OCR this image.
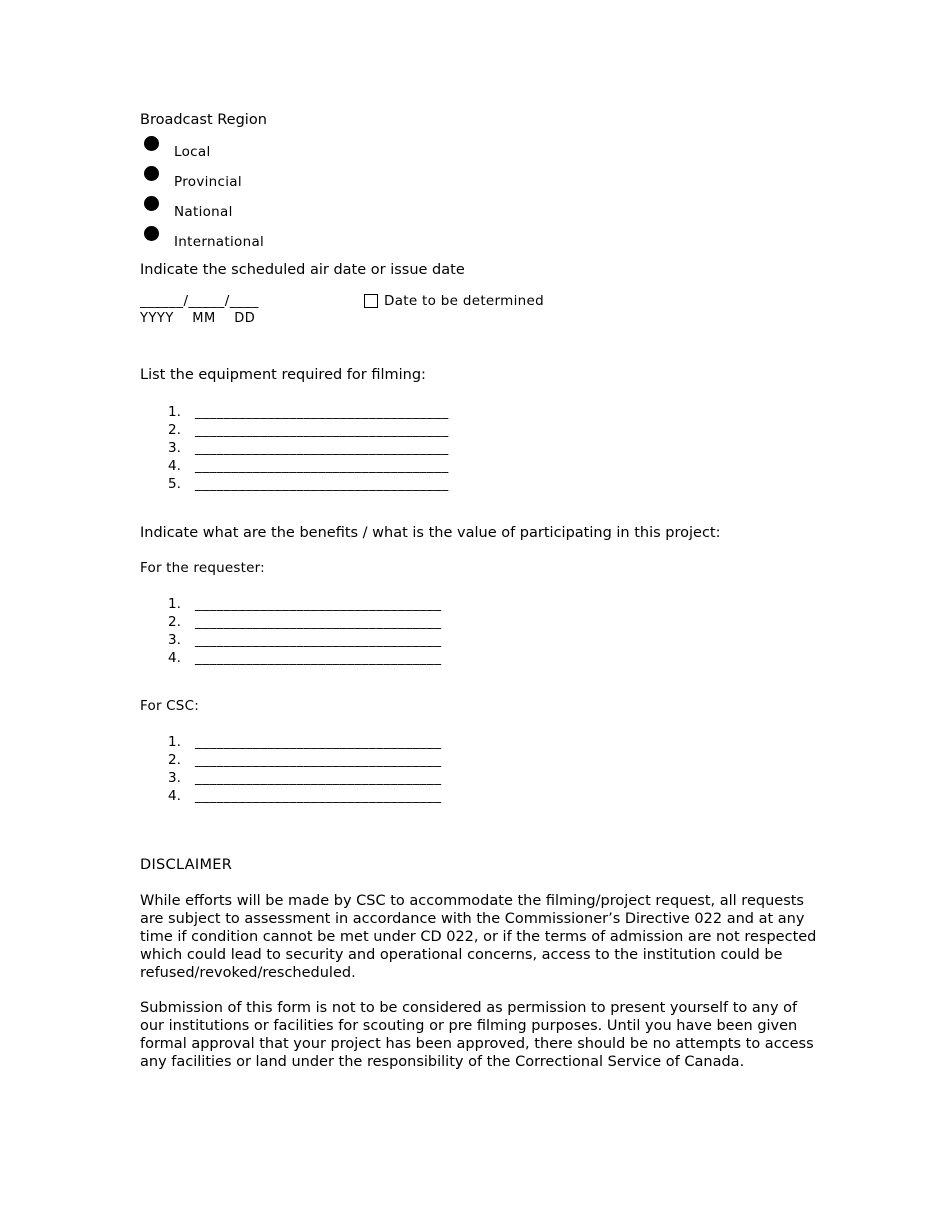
Broadcast Region
Local
Provincial
National
International
Indicate the scheduled air date or issue date
______/_____/____
YYYY    MM    DD
Date to be determined
List the equipment required for filming:
1.	___________________________________
2.	___________________________________
3.	___________________________________
4.	___________________________________
5.	___________________________________
Indicate what are the benefits / what is the value of participating in this project:
For the requester:
1.	__________________________________
2.	__________________________________
3.	__________________________________
4.	__________________________________
For CSC:
1.	__________________________________
2.	__________________________________
3.	__________________________________
4.	__________________________________
DISCLAIMER
While efforts will be made by CSC to accommodate the filming/project request, all requests are subject to assessment in accordance with the Commissioner’s Directive 022 and at any time if condition cannot be met under CD 022, or if the terms of admission are not respected which could lead to security and operational concerns, access to the institution could be refused/revoked/rescheduled.
Submission of this form is not to be considered as permission to present yourself to any of our institutions or facilities for scouting or pre filming purposes. Until you have been given formal approval that your project has been approved, there should be no attempts to access any facilities or land under the responsibility of the Correctional Service of Canada.
